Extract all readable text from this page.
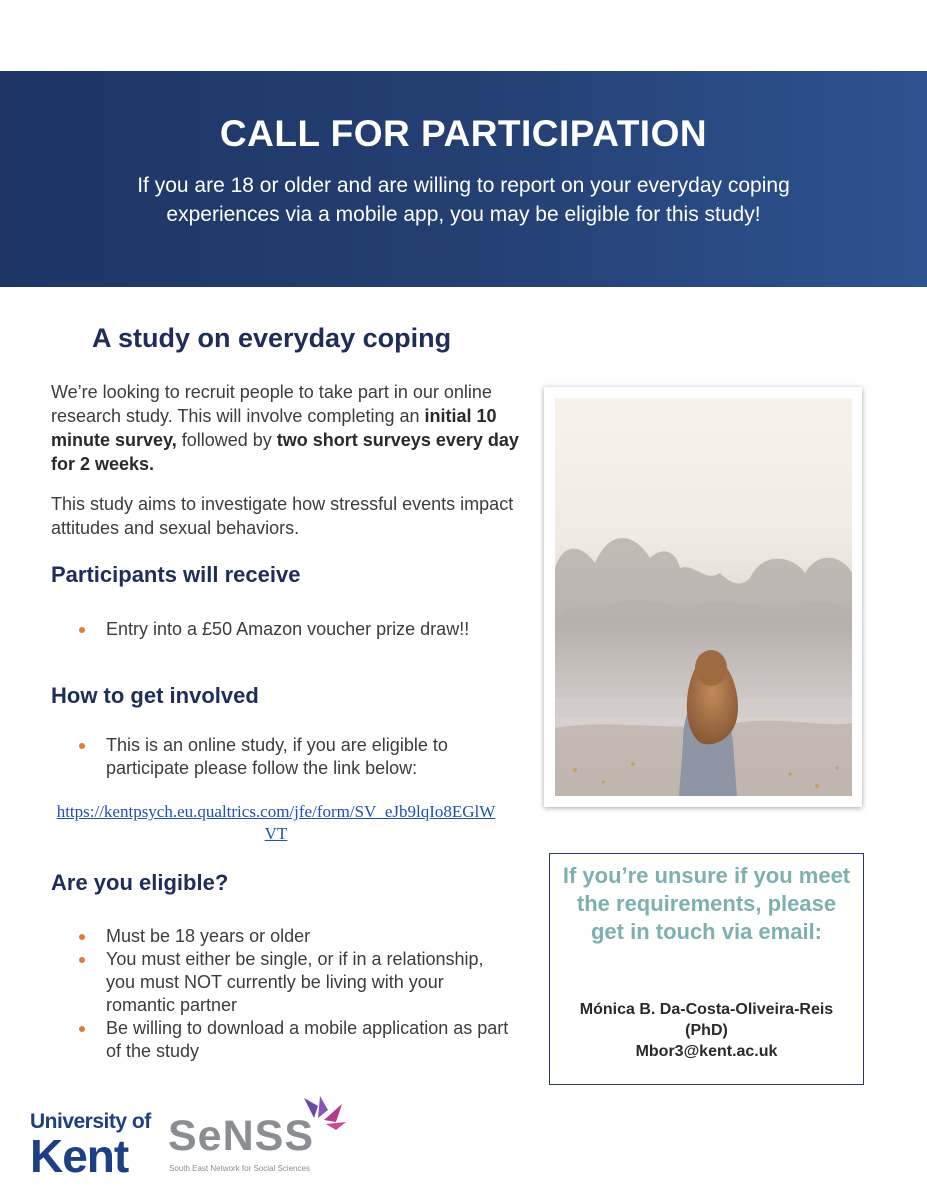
CALL FOR PARTICIPATION
If you are 18 or older and are willing to report on your everyday coping experiences via a mobile app, you may be eligible for this study!
A study on everyday coping
We’re looking to recruit people to take part in our online research study. This will involve completing an initial 10 minute survey, followed by two short surveys every day for 2 weeks.
This study aims to investigate how stressful events impact attitudes and sexual behaviors.
Participants will receive
Entry into a £50 Amazon voucher prize draw!!
How to get involved
This is an online study, if you are eligible to participate please follow the link below:
https://kentpsych.eu.qualtrics.com/jfe/form/SV_eJb9lqIo8EGlWVT
Are you eligible?
Must be 18 years or older
You must either be single, or if in a relationship, you must NOT currently be living with your romantic partner
Be willing to download a mobile application as part of the study
If you’re unsure if you meet the requirements, please get in touch via email:
Mónica B. Da-Costa-Oliveira-Reis
(PhD)
Mbor3@kent.ac.uk
University of
Kent SeNSS
South East Network for Social Sciences
